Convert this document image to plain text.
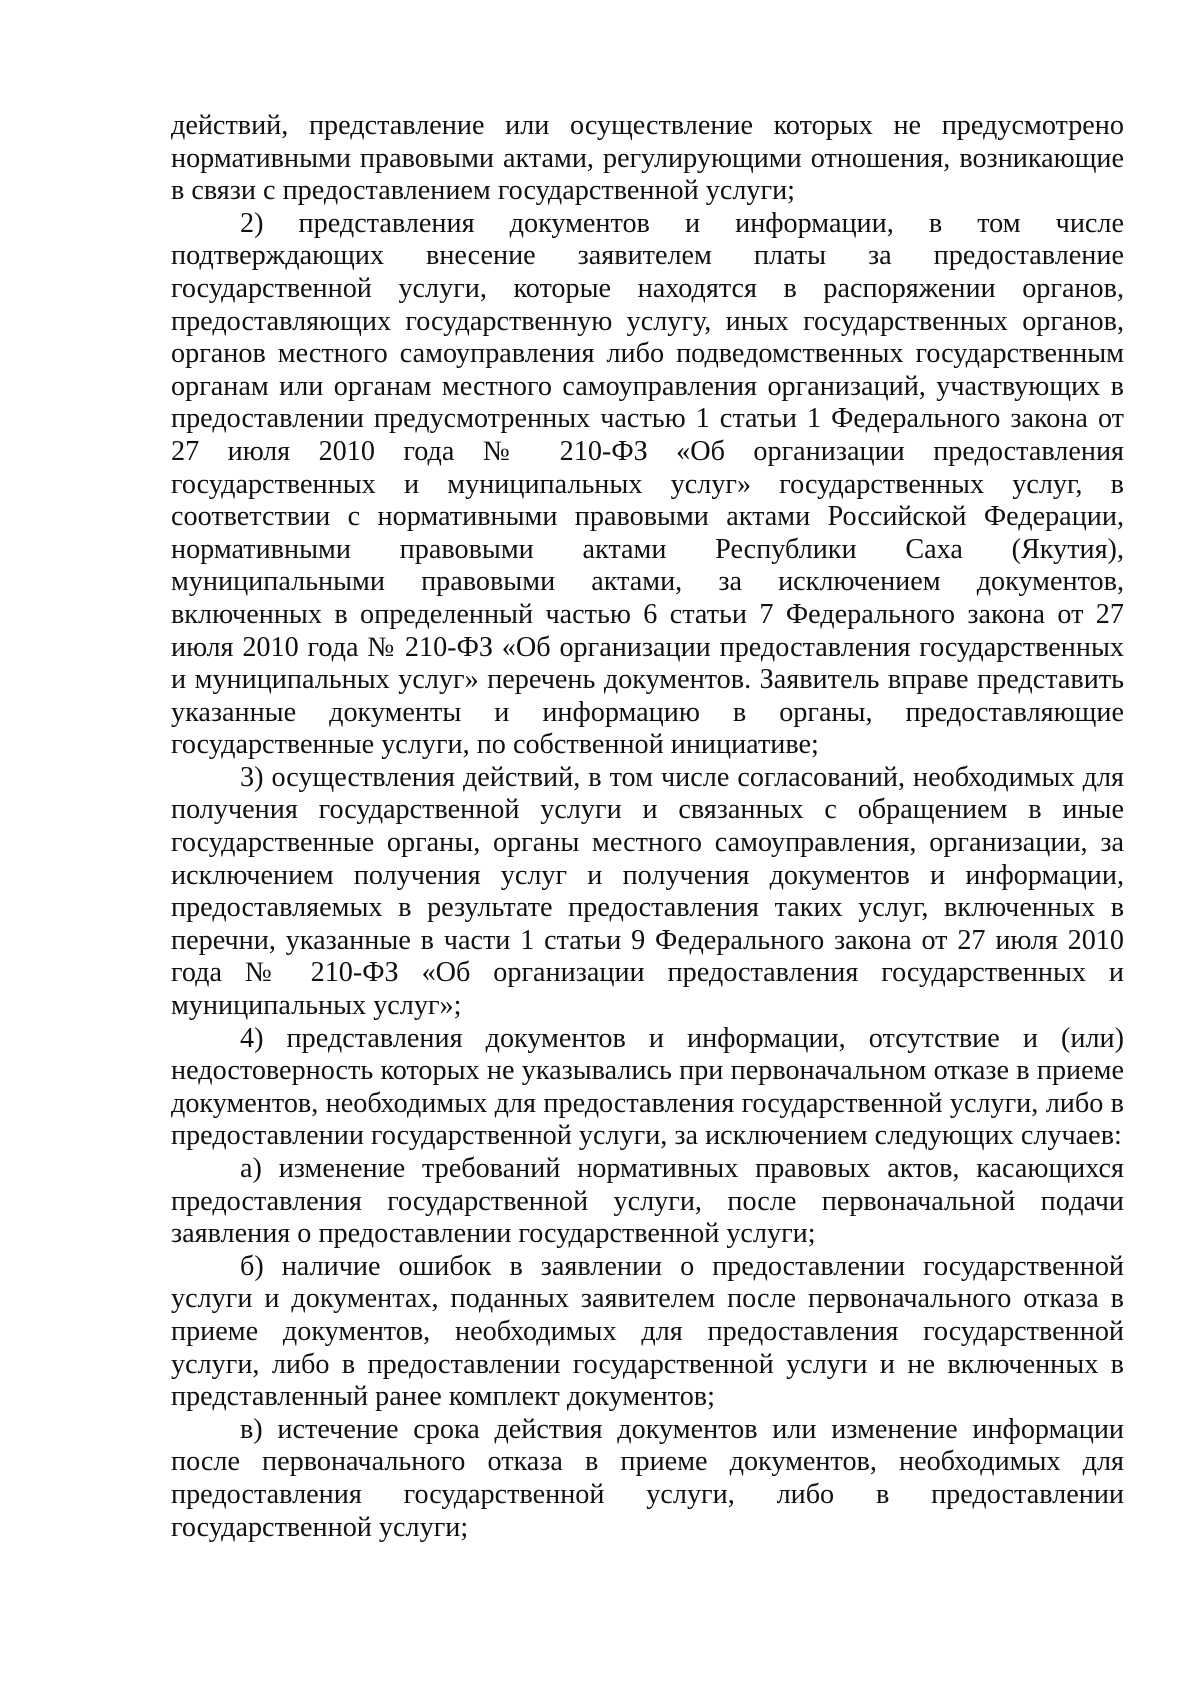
действий, представление или осуществление которых не предусмотрено нормативными правовыми актами, регулирующими отношения, возникающие в связи с предоставлением государственной услуги;

2) представления документов и информации, в том числе подтверждающих внесение заявителем платы за предоставление государственной услуги, которые находятся в распоряжении органов, предоставляющих государственную услугу, иных государственных органов, органов местного самоуправления либо подведомственных государственным органам или органам местного самоуправления организаций, участвующих в предоставлении предусмотренных частью 1 статьи 1 Федерального закона от 27 июля 2010 года № 210-ФЗ «Об организации предоставления государственных и муниципальных услуг» государственных услуг, в соответствии с нормативными правовыми актами Российской Федерации, нормативными правовыми актами Республики Саха (Якутия), муниципальными правовыми актами, за исключением документов, включенных в определенный частью 6 статьи 7 Федерального закона от 27 июля 2010 года № 210-ФЗ «Об организации предоставления государственных и муниципальных услуг» перечень документов. Заявитель вправе представить указанные документы и информацию в органы, предоставляющие государственные услуги, по собственной инициативе;

3) осуществления действий, в том числе согласований, необходимых для получения государственной услуги и связанных с обращением в иные государственные органы, органы местного самоуправления, организации, за исключением получения услуг и получения документов и информации, предоставляемых в результате предоставления таких услуг, включенных в перечни, указанные в части 1 статьи 9 Федерального закона от 27 июля 2010 года № 210-ФЗ «Об организации предоставления государственных и муниципальных услуг»;

4) представления документов и информации, отсутствие и (или) недостоверность которых не указывались при первоначальном отказе в приеме документов, необходимых для предоставления государственной услуги, либо в предоставлении государственной услуги, за исключением следующих случаев:

а) изменение требований нормативных правовых актов, касающихся предоставления государственной услуги, после первоначальной подачи заявления о предоставлении государственной услуги;

б) наличие ошибок в заявлении о предоставлении государственной услуги и документах, поданных заявителем после первоначального отказа в приеме документов, необходимых для предоставления государственной услуги, либо в предоставлении государственной услуги и не включенных в представленный ранее комплект документов;

в) истечение срока действия документов или изменение информации после первоначального отказа в приеме документов, необходимых для предоставления государственной услуги, либо в предоставлении государственной услуги;
